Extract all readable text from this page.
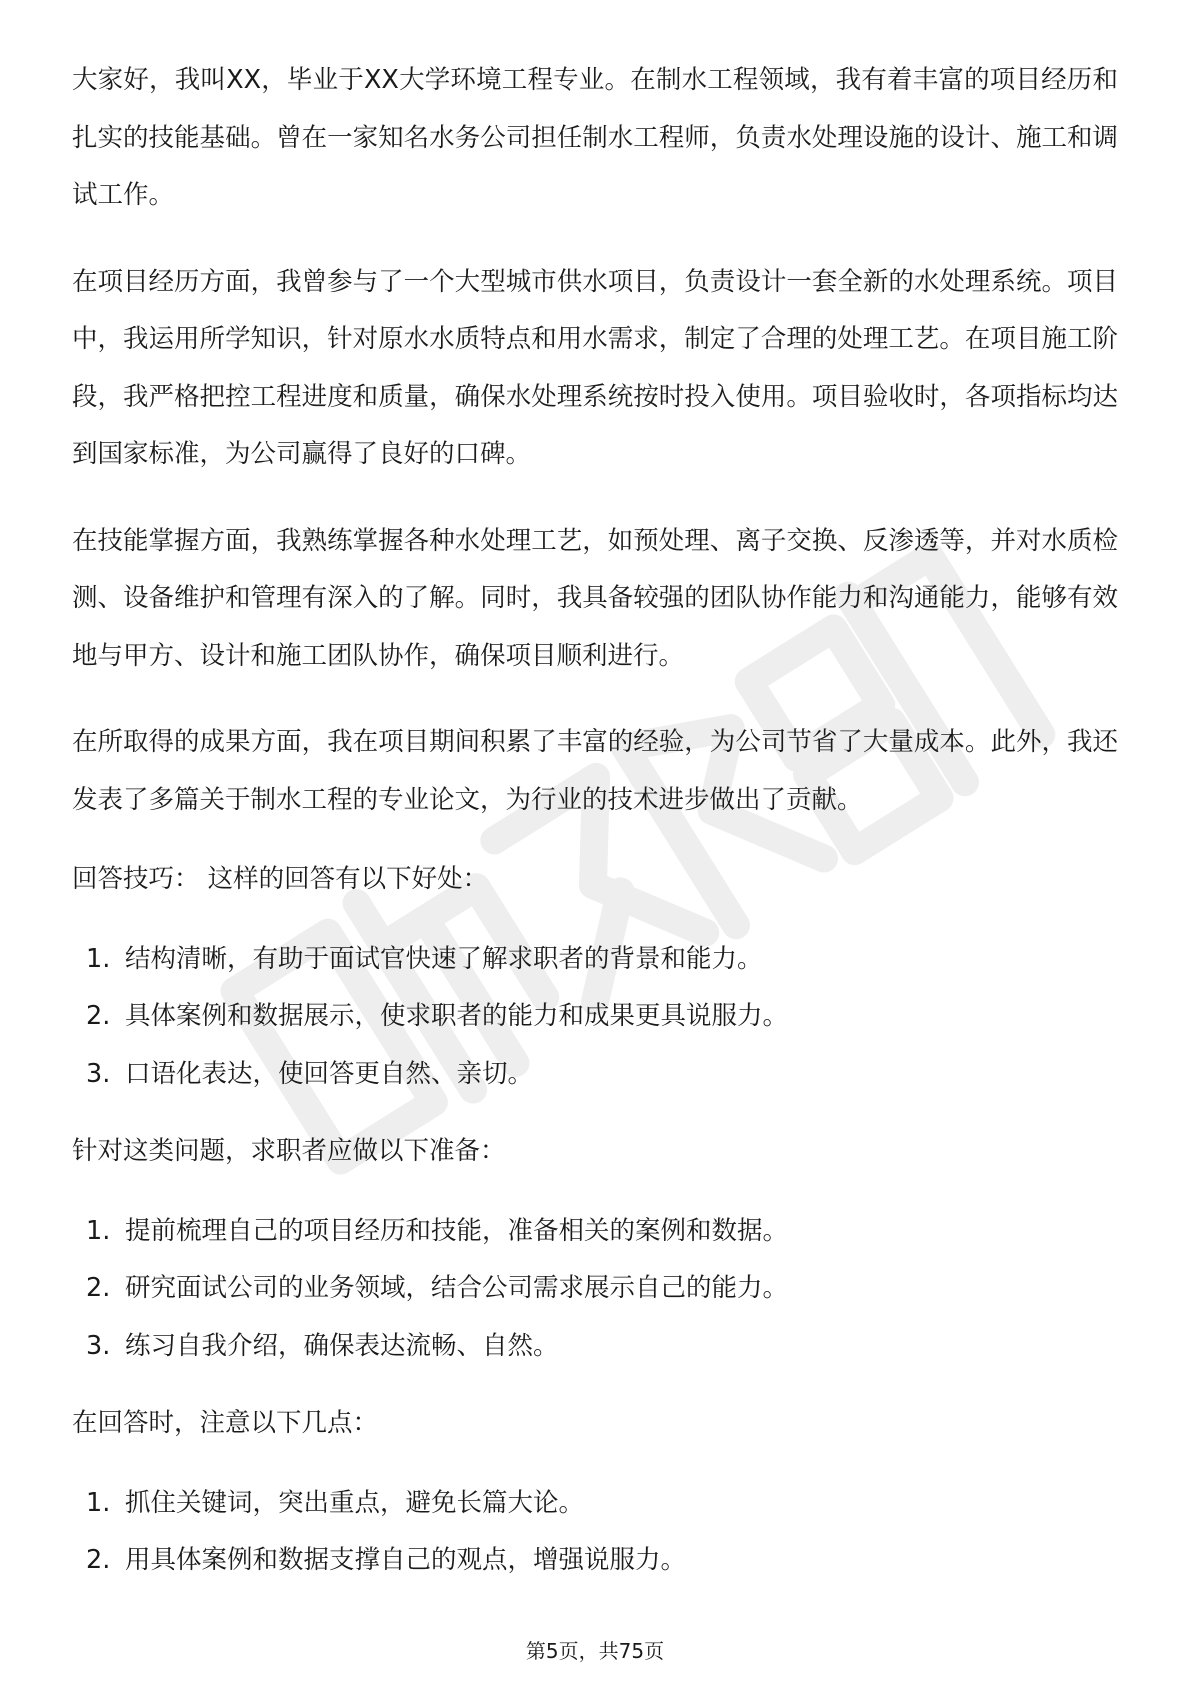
大家好，我叫XX，毕业于XX大学环境工程专业。在制水工程领域，我有着丰富的项目经历和扎实的技能基础。曾在一家知名水务公司担任制水工程师，负责水处理设施的设计、施工和调试工作。

在项目经历方面，我曾参与了一个大型城市供水项目，负责设计一套全新的水处理系统。项目中，我运用所学知识，针对原水水质特点和用水需求，制定了合理的处理工艺。在项目施工阶段，我严格把控工程进度和质量，确保水处理系统按时投入使用。项目验收时，各项指标均达到国家标准，为公司赢得了良好的口碑。

在技能掌握方面，我熟练掌握各种水处理工艺，如预处理、离子交换、反渗透等，并对水质检测、设备维护和管理有深入的了解。同时，我具备较强的团队协作能力和沟通能力，能够有效地与甲方、设计和施工团队协作，确保项目顺利进行。

在所取得的成果方面，我在项目期间积累了丰富的经验，为公司节省了大量成本。此外，我还发表了多篇关于制水工程的专业论文，为行业的技术进步做出了贡献。

回答技巧： 这样的回答有以下好处：

1. 结构清晰，有助于面试官快速了解求职者的背景和能力。
2. 具体案例和数据展示，使求职者的能力和成果更具说服力。
3. 口语化表达，使回答更自然、亲切。

针对这类问题，求职者应做以下准备：

1. 提前梳理自己的项目经历和技能，准备相关的案例和数据。
2. 研究面试公司的业务领域，结合公司需求展示自己的能力。
3. 练习自我介绍，确保表达流畅、自然。

在回答时，注意以下几点：

1. 抓住关键词，突出重点，避免长篇大论。
2. 用具体案例和数据支撑自己的观点，增强说服力。
第5页，共75页
